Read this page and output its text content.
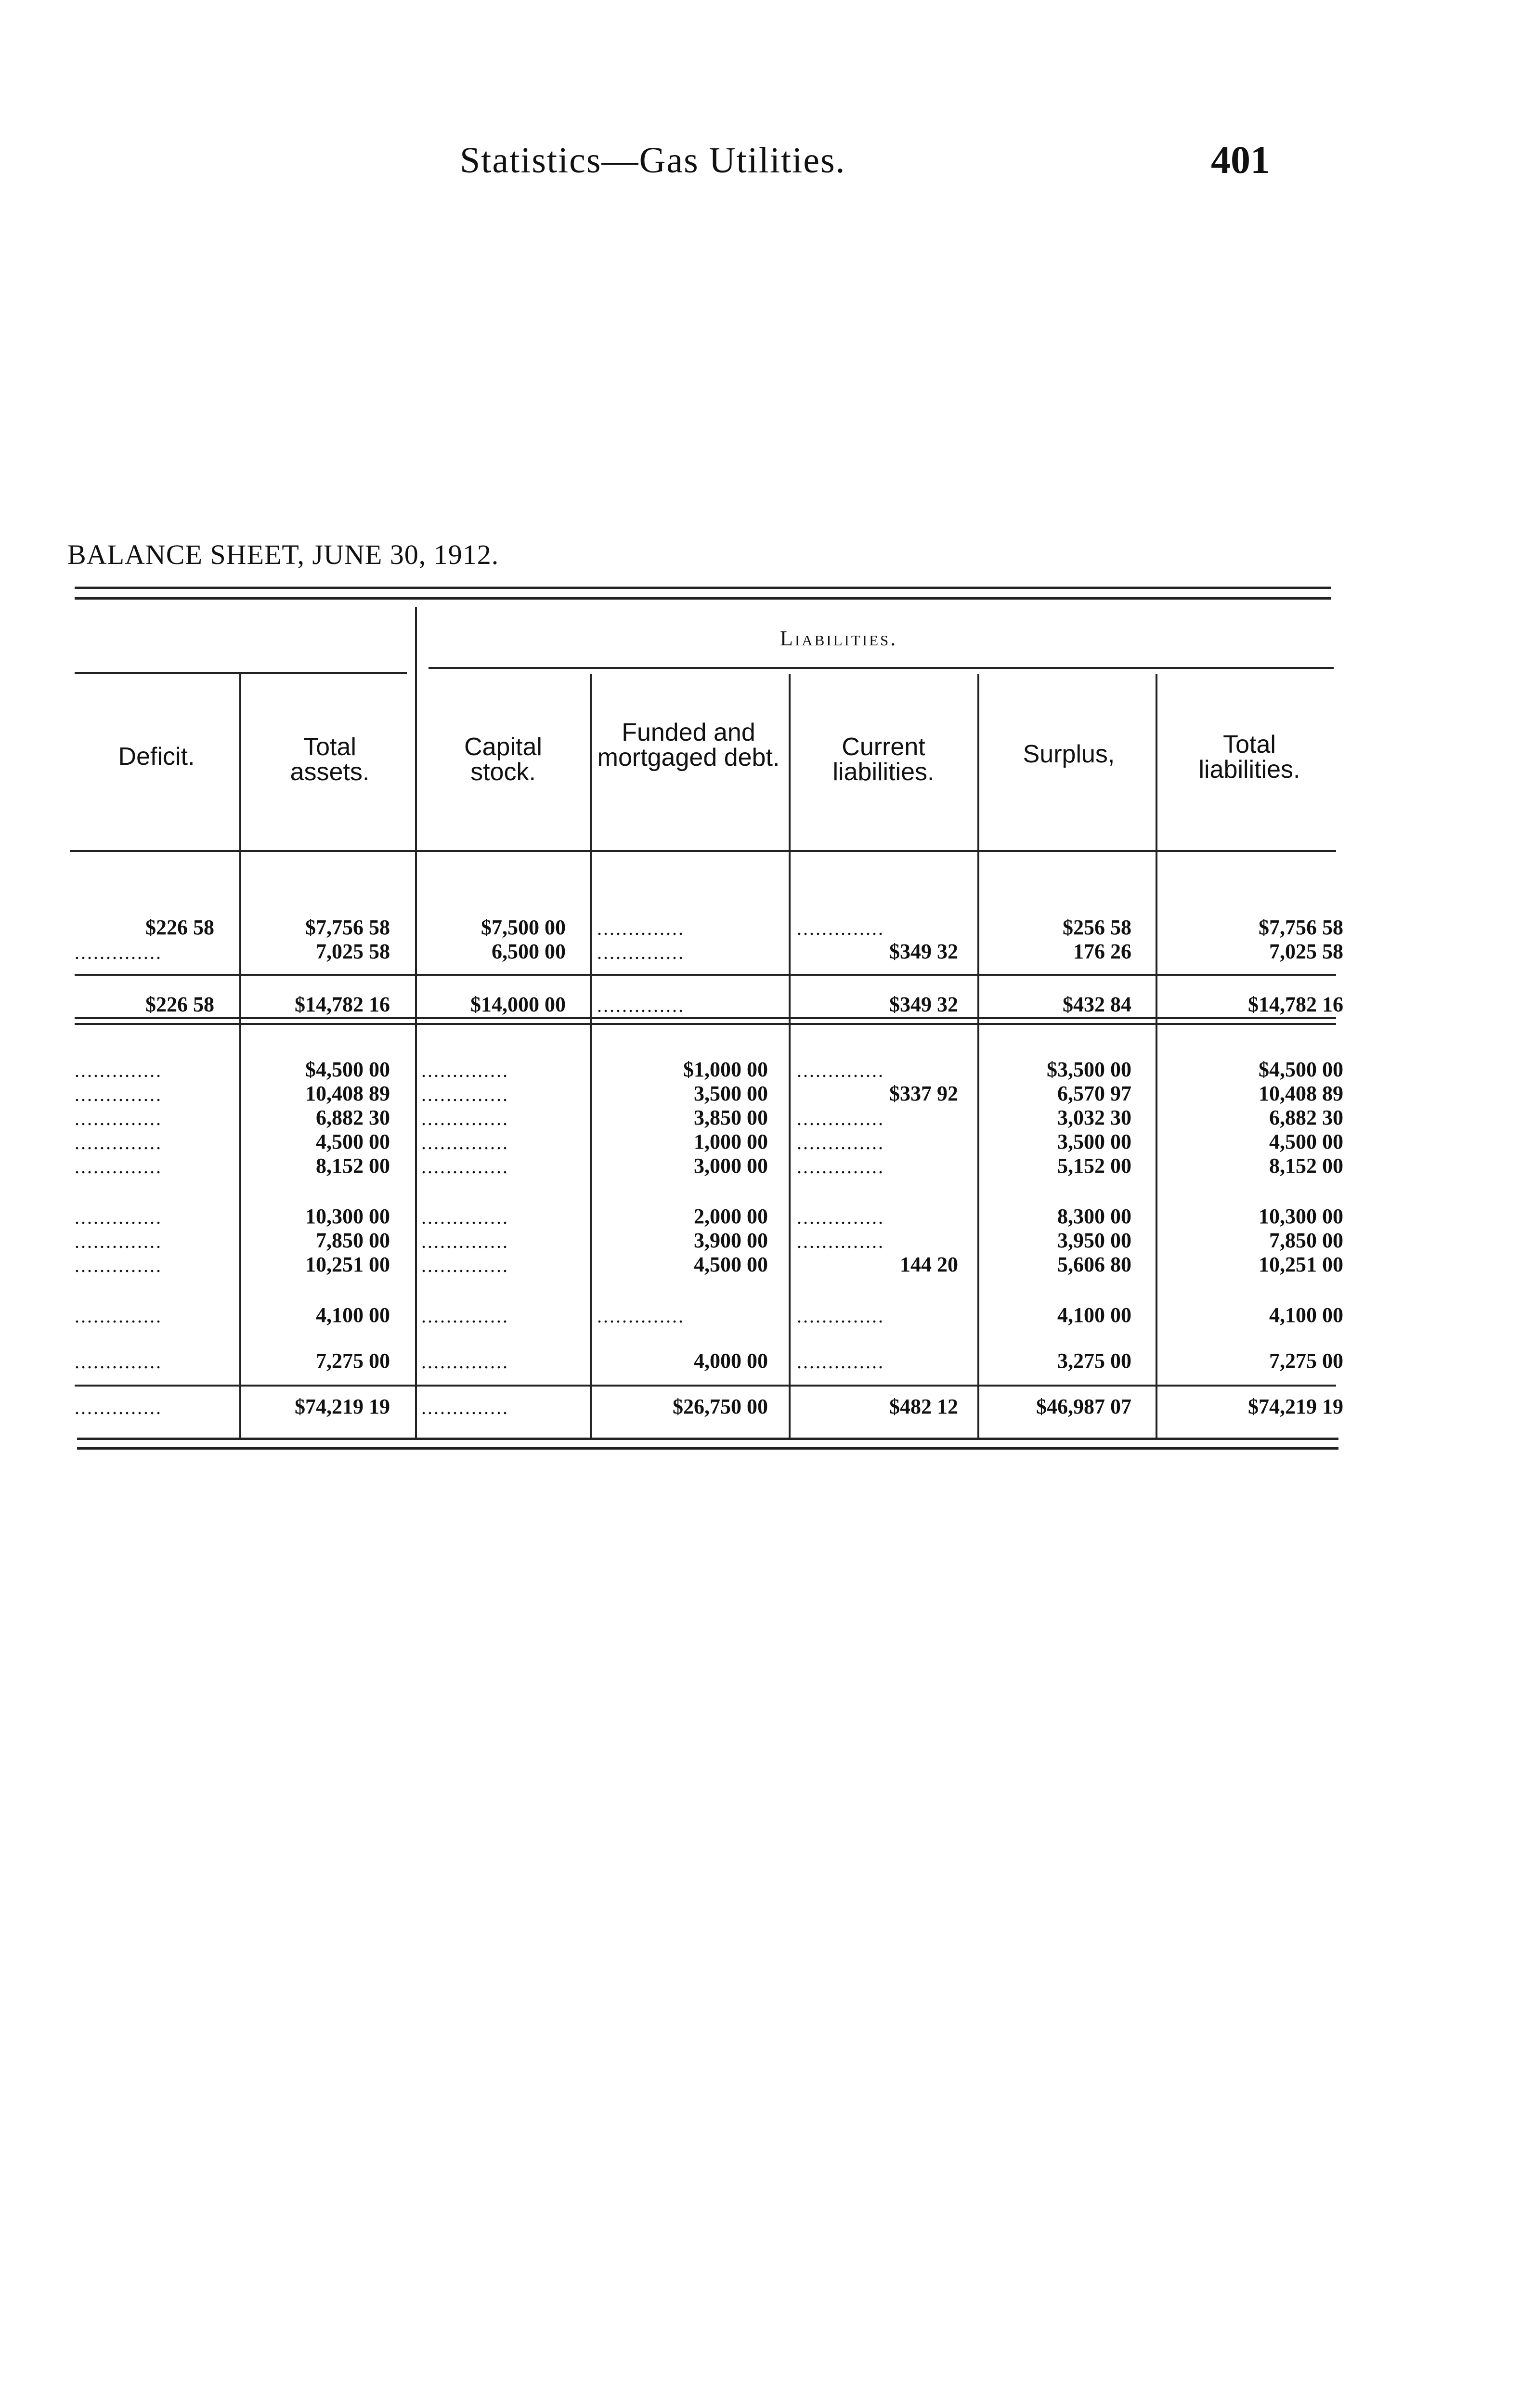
Statistics—Gas Utilities.	401
BALANCE SHEET, JUNE 30, 1912.
Liabilities.
Deficit.	Total assets.
Capital stock.
Funded and mortgaged debt.	Current liabilities.
Surplus,	Total liabilities.
$226 58	$7,756 58	$7,500 00 ..............	..............	$256 58	$7,756 58
..............	7,025 58	6,500 00 ..............	$349 32	176 26	7,025 58
$226 58	$14,782 16	$14,000 00 ..............	$349 32	$432 84	$14,782 16
..............	$4,500 00 ..............	$1,000 00 ..............	$3,500 00	$4,500 00
..............	10,408 89 ..............	3,500 00	$337 92	6,570 97	10,408 89
..............	6,882 30 ..............	3,850 00 ..............	3,032 30	6,882 30
..............	4,500 00 ..............	1,000 00 ..............	3,500 00	4,500 00
..............	8,152 00 ..............	3,000 00 ..............	5,152 00	8,152 00
..............	10,300 00 ..............	2,000 00 ..............	8,300 00	10,300 00
..............	7,850 00 ..............	3,900 00 ..............	3,950 00	7,850 00
..............	10,251 00 ..............	4,500 00	144 20	5,606 80	10,251 00
..............	4,100 00 ..............	..............	..............	4,100 00	4,100 00
..............	7,275 00 ..............	4,000 00 ..............	3,275 00	7,275 00
..............	$74,219 19 ..............	$26,750 00	$482 12	$46,987 07	$74,219 19
